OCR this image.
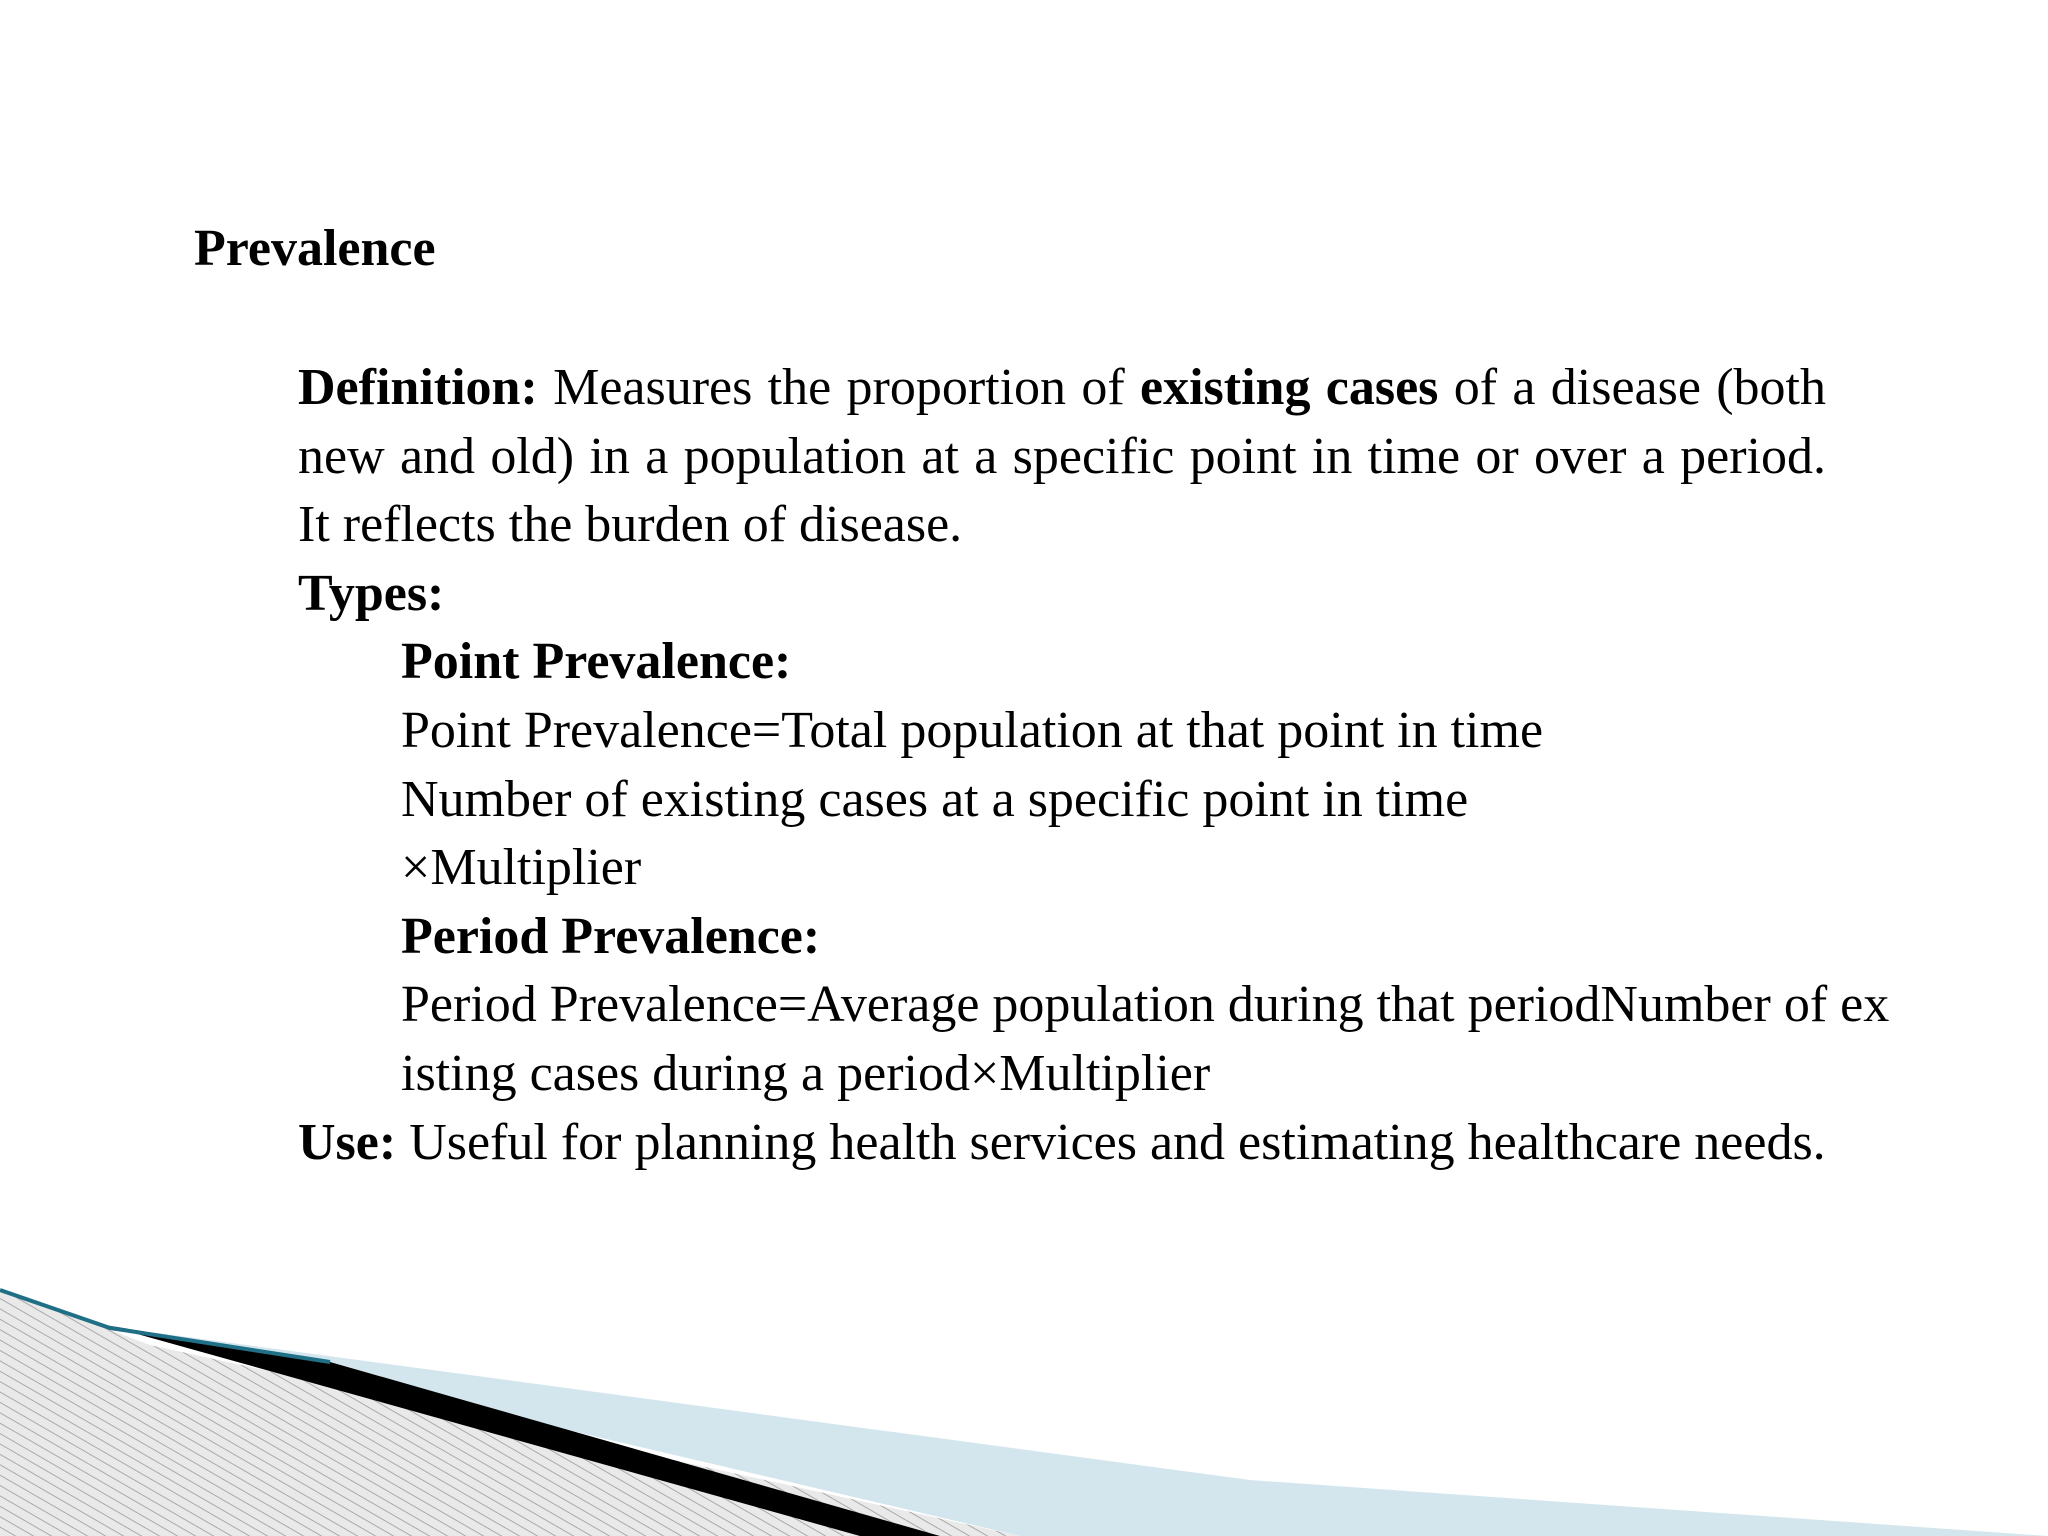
Prevalence

Definition: Measures the proportion of existing cases of a disease (both new and old) in a population at a specific point in time or over a period. It reflects the burden of disease.

Types:

Point Prevalence:

Point Prevalence=Total population at that point in time

Number of existing cases at a specific point in time

×Multiplier

Period Prevalence:

Period Prevalence=Average population during that periodNumber of existing cases during a period×Multiplier

Use: Useful for planning health services and estimating healthcare needs.
